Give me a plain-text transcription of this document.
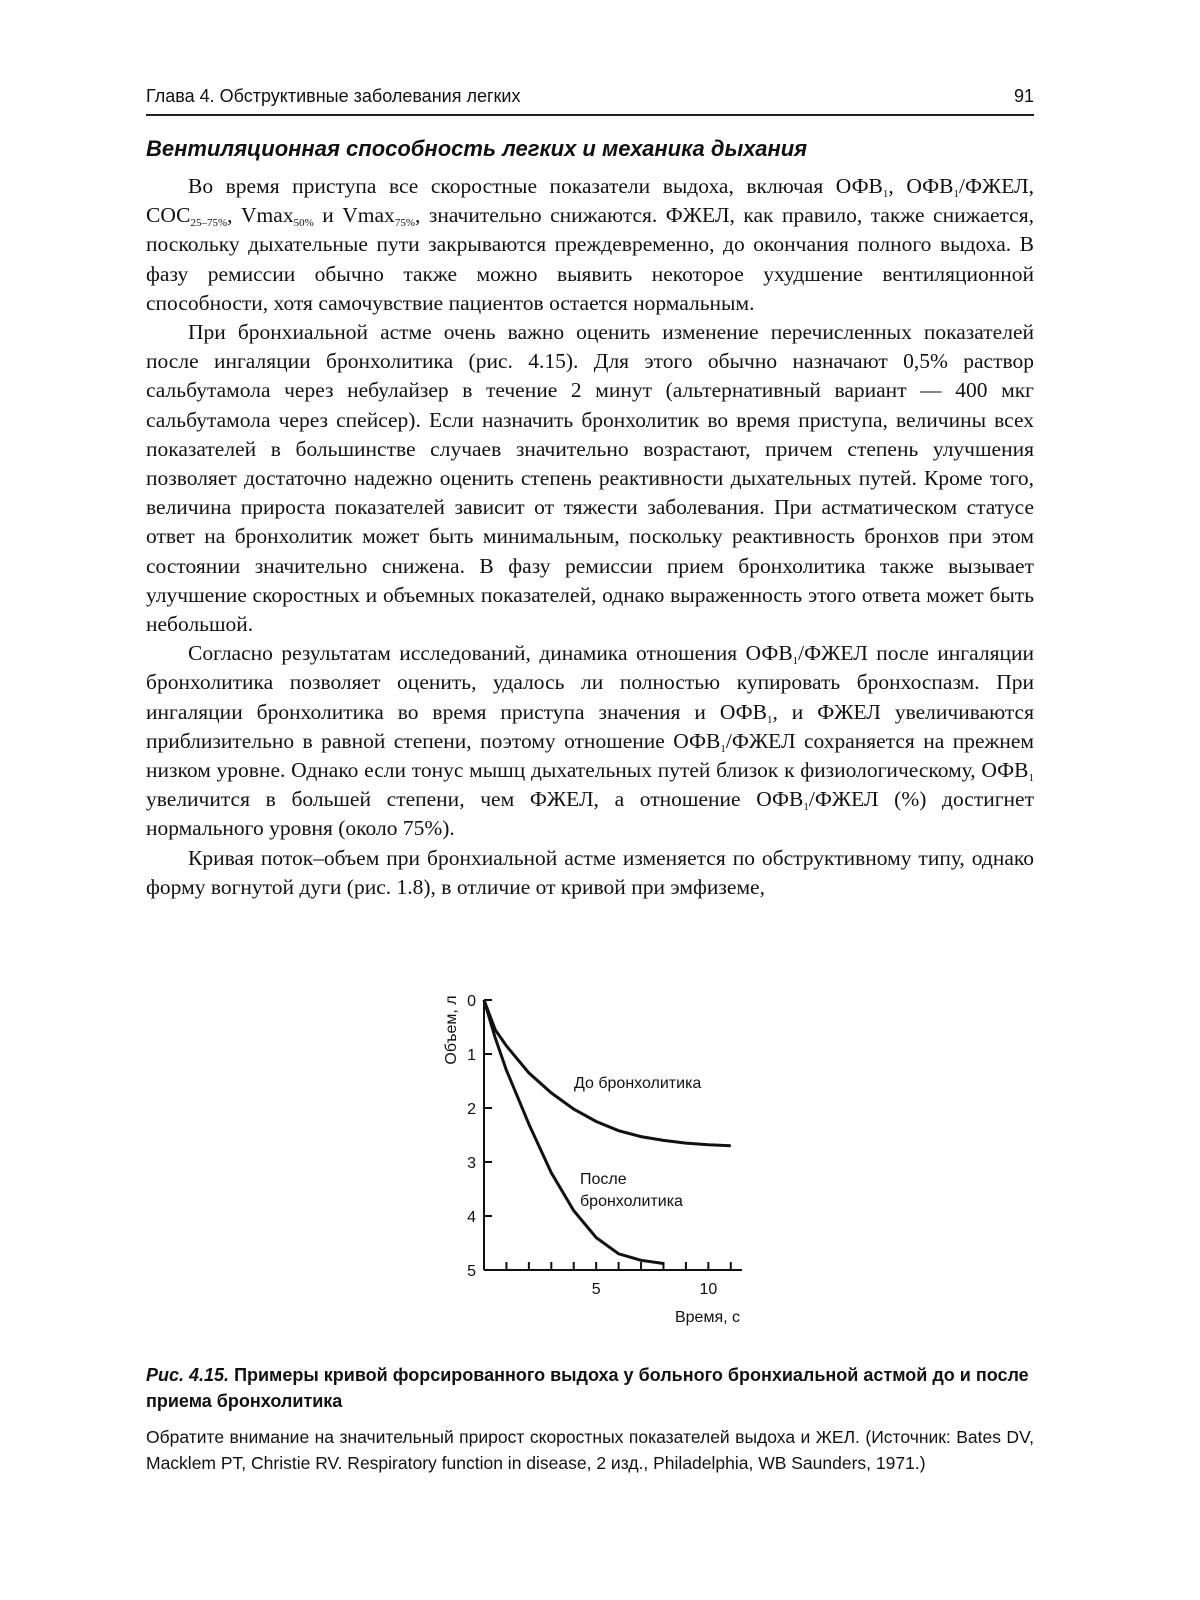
Глава 4. Обструктивные заболевания легких	91
Вентиляционная способность легких и механика дыхания

Во время приступа все скоростные показатели выдоха, включая $ОФВ_1$, $ОФВ_1$/ФЖЕЛ, $СОС_{25-75\%}$, Vmax$_{50\%}$ и Vmax$_{75\%}$, значительно снижаются. ФЖЕЛ, как правило, также снижается, поскольку дыхательные пути закрываются преждевременно, до окончания полного выдоха. В фазу ремиссии обычно также можно выявить некоторое ухудшение вентиляционной способности, хотя самочувствие пациентов остается нормальным.

При бронхиальной астме очень важно оценить изменение перечисленных показателей после ингаляции бронхолитика (рис. 4.15). Для этого обычно назначают 0,5% раствор сальбутамола через небулайзер в течение 2 минут (альтернативный вариант — 400 мкг сальбутамола через спейсер). Если назначить бронхолитик во время приступа, величины всех показателей в большинстве случаев значительно возрастают, причем степень улучшения позволяет достаточно надежно оценить степень реактивности дыхательных путей. Кроме того, величина прироста показателей зависит от тяжести заболевания. При астматическом статусе ответ на бронхолитик может быть минимальным, поскольку реактивность бронхов при этом состоянии значительно снижена. В фазу ремиссии прием бронхолитика также вызывает улучшение скоростных и объемных показателей, однако выраженность этого ответа может быть небольшой.

Согласно результатам исследований, динамика отношения $ОФВ_1$/ФЖЕЛ после ингаляции бронхолитика позволяет оценить, удалось ли полностью купировать бронхоспазм. При ингаляции бронхолитика во время приступа значения и $ОФВ_1$, и ФЖЕЛ увеличиваются приблизительно в равной степени, поэтому отношение $ОФВ_1$/ФЖЕЛ сохраняется на прежнем низком уровне. Однако если тонус мышц дыхательных путей близок к физиологическому, $ОФВ_1$ увеличится в большей степени, чем ФЖЕЛ, а отношение $ОФВ_1$/ФЖЕЛ (%) достигнет нормального уровня (около 75%).

Кривая поток–объем при бронхиальной астме изменяется по обструктивному типу, однако форму вогнутой дуги (рис. 1.8), в отличие от кривой при эмфиземе,

Объем, л 0
1
2
3
4
5
5	10
До бронхолитика
После
бронхолитика
Время, с
Рис. 4.15. Примеры кривой форсированного выдоха у больного бронхиальной астмой до и после приема бронхолитика
Обратите внимание на значительный прирост скоростных показателей выдоха и ЖЕЛ. (Источник: Bates DV, Macklem PT, Christie RV. Respiratory function in disease, 2 изд., Philadelphia, WB Saunders, 1971.)
